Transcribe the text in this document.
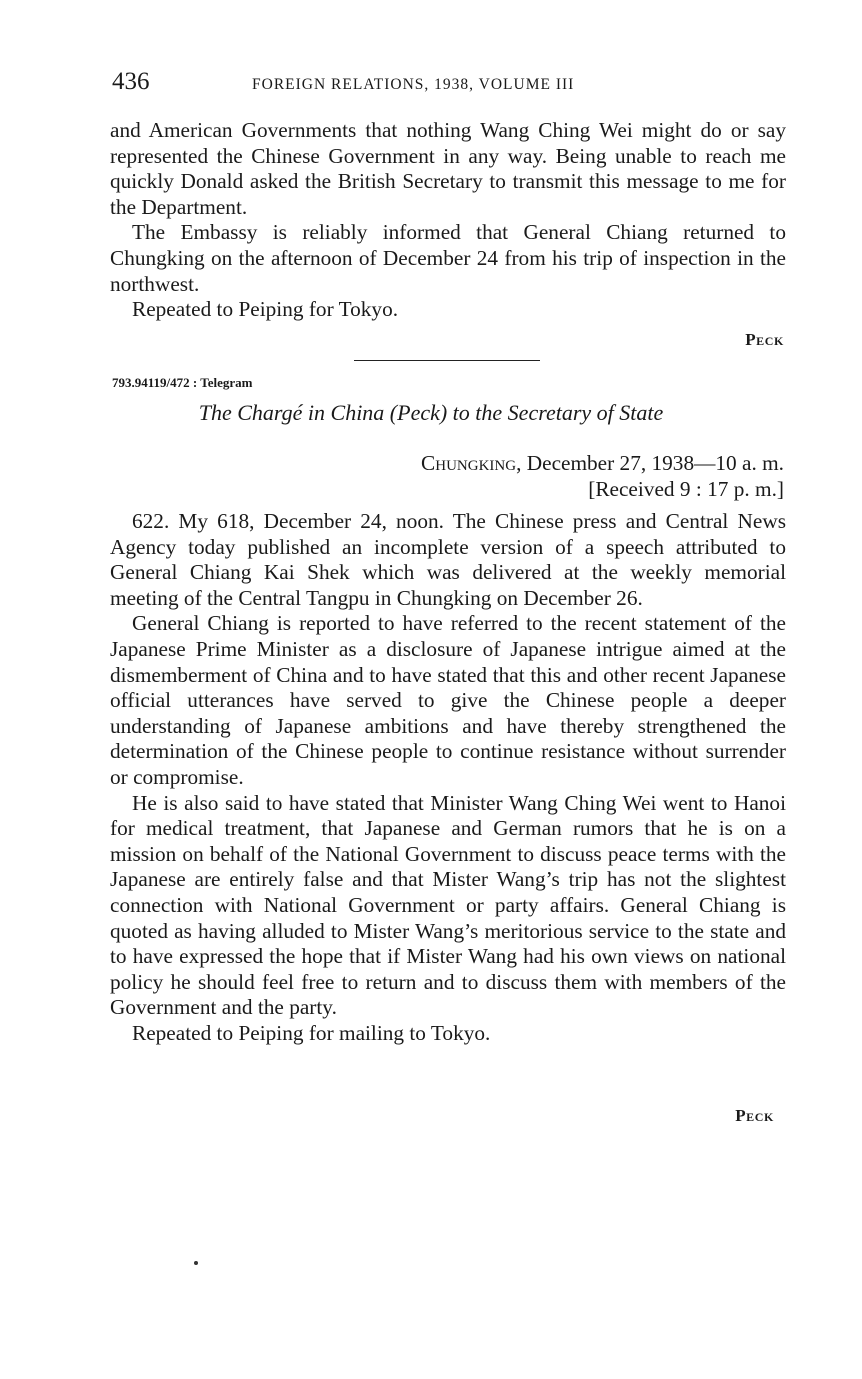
436	FOREIGN RELATIONS, 1938, VOLUME III

and American Governments that nothing Wang Ching Wei might do or say represented the Chinese Government in any way. Being unable to reach me quickly Donald asked the British Secretary to transmit this message to me for the Department.

The Embassy is reliably informed that General Chiang returned to Chungking on the afternoon of December 24 from his trip of inspection in the northwest.

Repeated to Peiping for Tokyo.

Peck
793.94119/472 : Telegram
The Chargé in China (Peck) to the Secretary of State
Chungking, December 27, 1938—10 a. m.
[Received 9 : 17 p. m.]

622. My 618, December 24, noon. The Chinese press and Central News Agency today published an incomplete version of a speech attributed to General Chiang Kai Shek which was delivered at the weekly memorial meeting of the Central Tangpu in Chungking on December 26.

General Chiang is reported to have referred to the recent statement of the Japanese Prime Minister as a disclosure of Japanese intrigue aimed at the dismemberment of China and to have stated that this and other recent Japanese official utterances have served to give the Chinese people a deeper understanding of Japanese ambitions and have thereby strengthened the determination of the Chinese people to continue resistance without surrender or compromise.

He is also said to have stated that Minister Wang Ching Wei went to Hanoi for medical treatment, that Japanese and German rumors that he is on a mission on behalf of the National Government to discuss peace terms with the Japanese are entirely false and that Mister Wang’s trip has not the slightest connection with National Government or party affairs. General Chiang is quoted as having alluded to Mister Wang’s meritorious service to the state and to have expressed the hope that if Mister Wang had his own views on national policy he should feel free to return and to discuss them with members of the Government and the party.

Repeated to Peiping for mailing to Tokyo.

Peck
